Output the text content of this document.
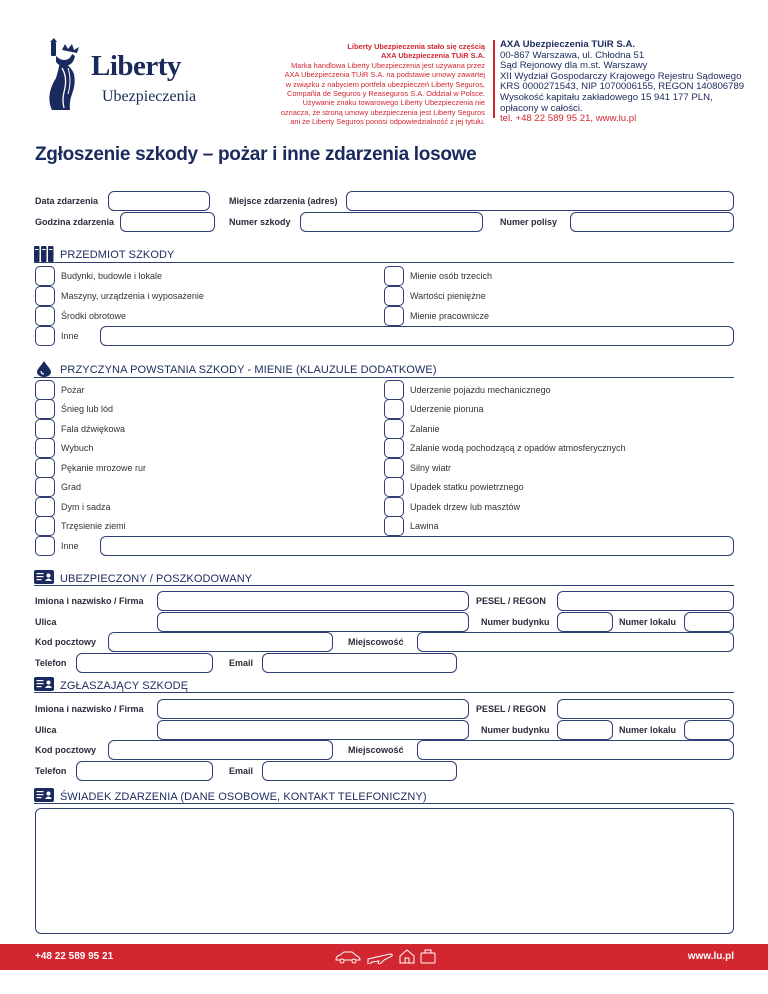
Liberty
Ubezpieczenia
Liberty Ubezpieczenia stało się częścią
AXA Ubezpieczenia TUiR S.A.
Marka handlowa Liberty Ubezpieczenia jest używana przez
AXA Ubezpieczenia TUiR S.A. na podstawie umowy zawartej
w związku z nabyciem portfela ubezpieczeń Liberty Seguros,
Compañia de Seguros y Reaseguros S.A. Oddział w Polsce.
Używanie znaku towarowego Liberty Ubezpieczenia nie
oznacza, że stroną umowy ubezpieczenia jest Liberty Seguros
ani że Liberty Seguros ponosi odpowiedzialność z jej tytułu.
AXA Ubezpieczenia TUiR S.A.
00-867 Warszawa, ul. Chłodna 51
Sąd Rejonowy dla m.st. Warszawy
XII Wydział Gospodarczy Krajowego Rejestru Sądowego
KRS 0000271543, NIP 1070006155, REGON 140806789
Wysokość kapitału zakładowego 15 941 177 PLN,
opłacony w całości.
tel. +48 22 589 95 21, www.lu.pl
Zgłoszenie szkody – pożar i inne zdarzenia losowe
Data zdarzenia	Miejsce zdarzenia (adres)
Godzina zdarzenia	Numer szkody	Numer polisy
PRZEDMIOT SZKODY
Budynki, budowle i lokale
Maszyny, urządzenia i wyposażenie
Środki obrotowe
Mienie osób trzecich
Wartości pieniężne
Mienie pracownicze
Inne
PRZYCZYNA POWSTANIA SZKODY - MIENIE (KLAUZULE DODATKOWE)
Pożar
Śnieg lub lód
Fala dźwiękowa
Wybuch
Pękanie mrozowe rur
Grad
Dym i sadza
Trzęsienie ziemi
Uderzenie pojazdu mechanicznego
Uderzenie pioruna
Zalanie
Zalanie wodą pochodzącą z opadów atmosferycznych
Silny wiatr
Upadek statku powietrznego
Upadek drzew lub masztów
Lawina
Inne
UBEZPIECZONY / POSZKODOWANY
Imiona i nazwisko / Firma	PESEL / REGON
Ulica	Numer budynku	Numer lokalu
Kod pocztowy	Miejscowość
Telefon	Email
ZGŁASZAJĄCY SZKODĘ
Imiona i nazwisko / Firma	PESEL / REGON
Ulica	Numer budynku	Numer lokalu
Kod pocztowy	Miejscowość
Telefon	Email
ŚWIADEK ZDARZENIA (DANE OSOBOWE, KONTAKT TELEFONICZNY)
+48 22 589 95 21	www.lu.pl
